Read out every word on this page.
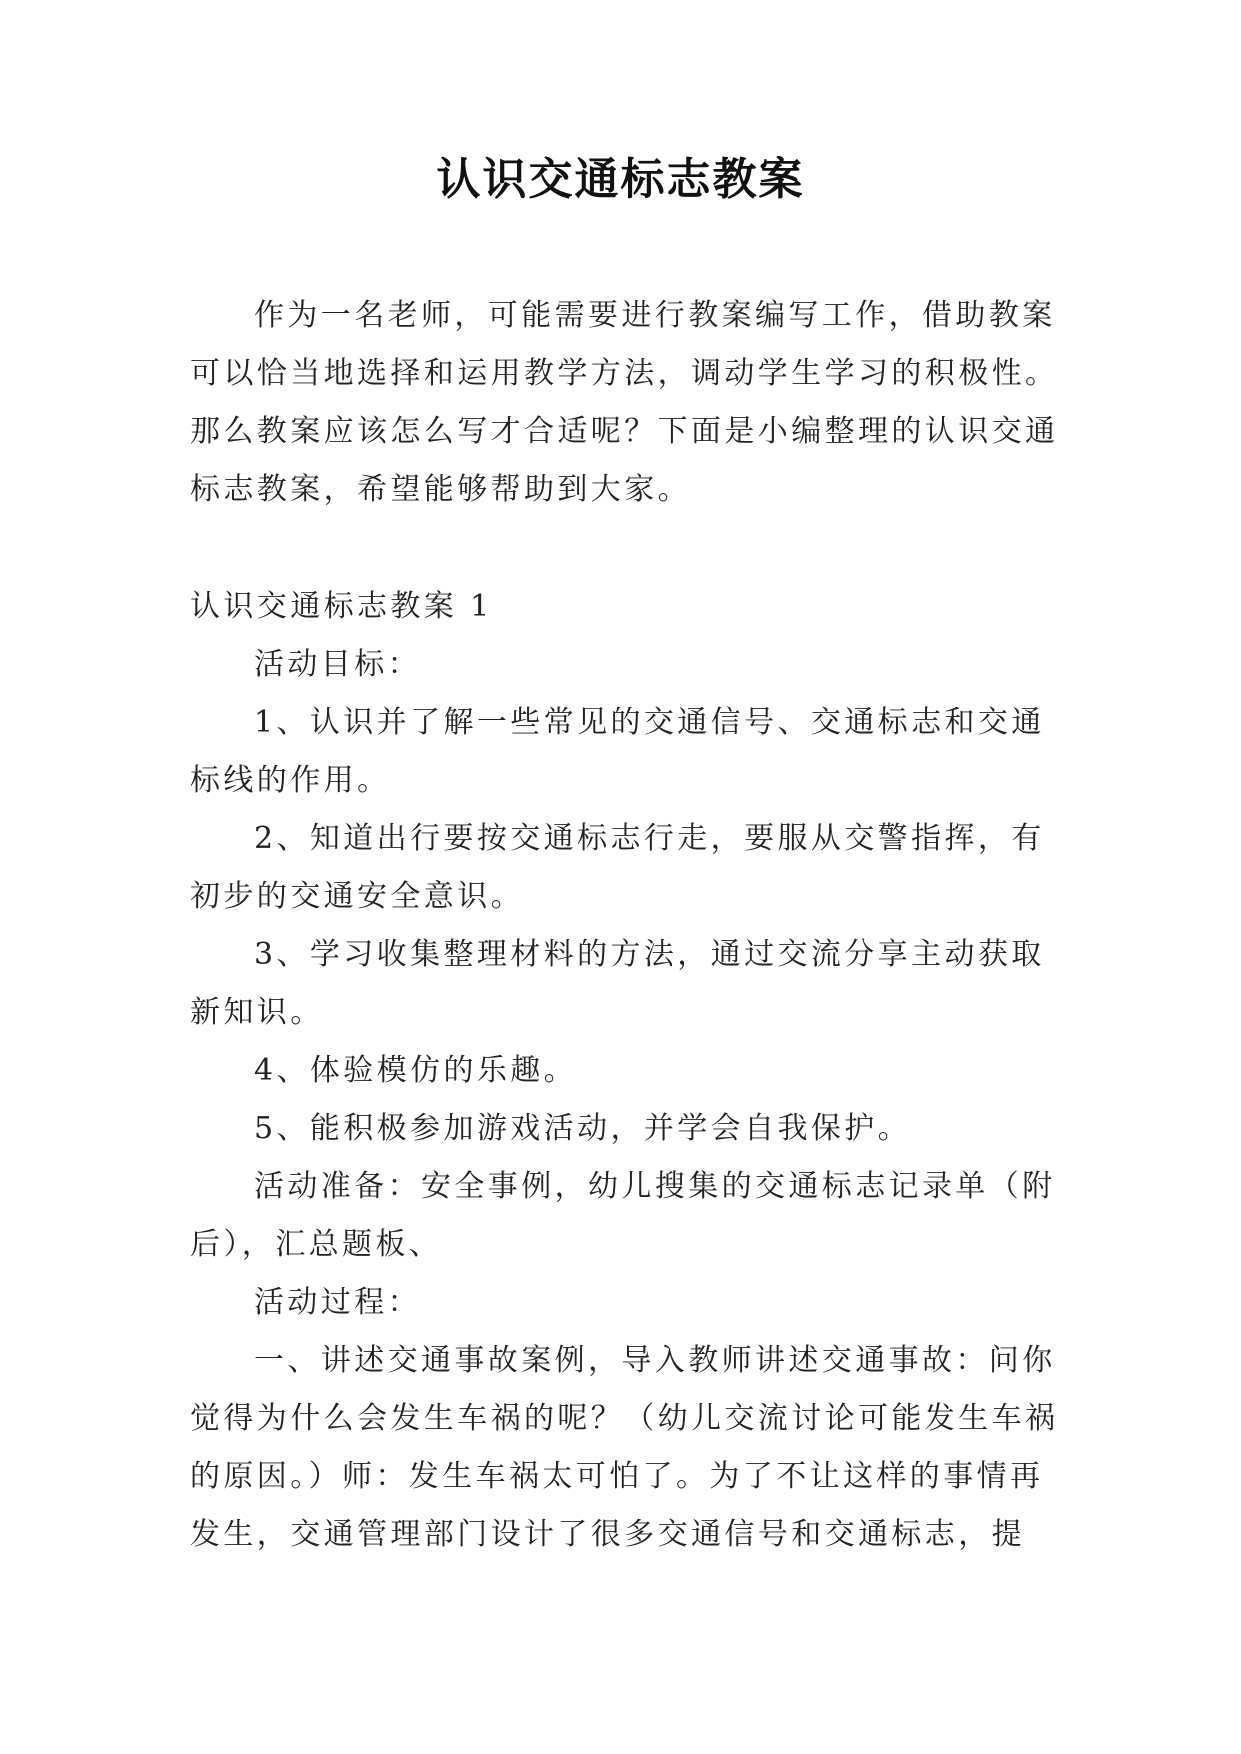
认识交通标志教案

作为一名老师，可能需要进行教案编写工作，借助教案可以恰当地选择和运用教学方法，调动学生学习的积极性。那么教案应该怎么写才合适呢？下面是小编整理的认识交通标志教案，希望能够帮助到大家。

认识交通标志教案 1

活动目标：

1、认识并了解一些常见的交通信号、交通标志和交通标线的作用。

2、知道出行要按交通标志行走，要服从交警指挥，有初步的交通安全意识。

3、学习收集整理材料的方法，通过交流分享主动获取新知识。

4、体验模仿的乐趣。

5、能积极参加游戏活动，并学会自我保护。

活动准备：安全事例，幼儿搜集的交通标志记录单（附后），汇总题板、

活动过程：

一、讲述交通事故案例，导入教师讲述交通事故：问你觉得为什么会发生车祸的呢？（幼儿交流讨论可能发生车祸的原因。）师：发生车祸太可怕了。为了不让这样的事情再发生，交通管理部门设计了很多交通信号和交通标志，提
